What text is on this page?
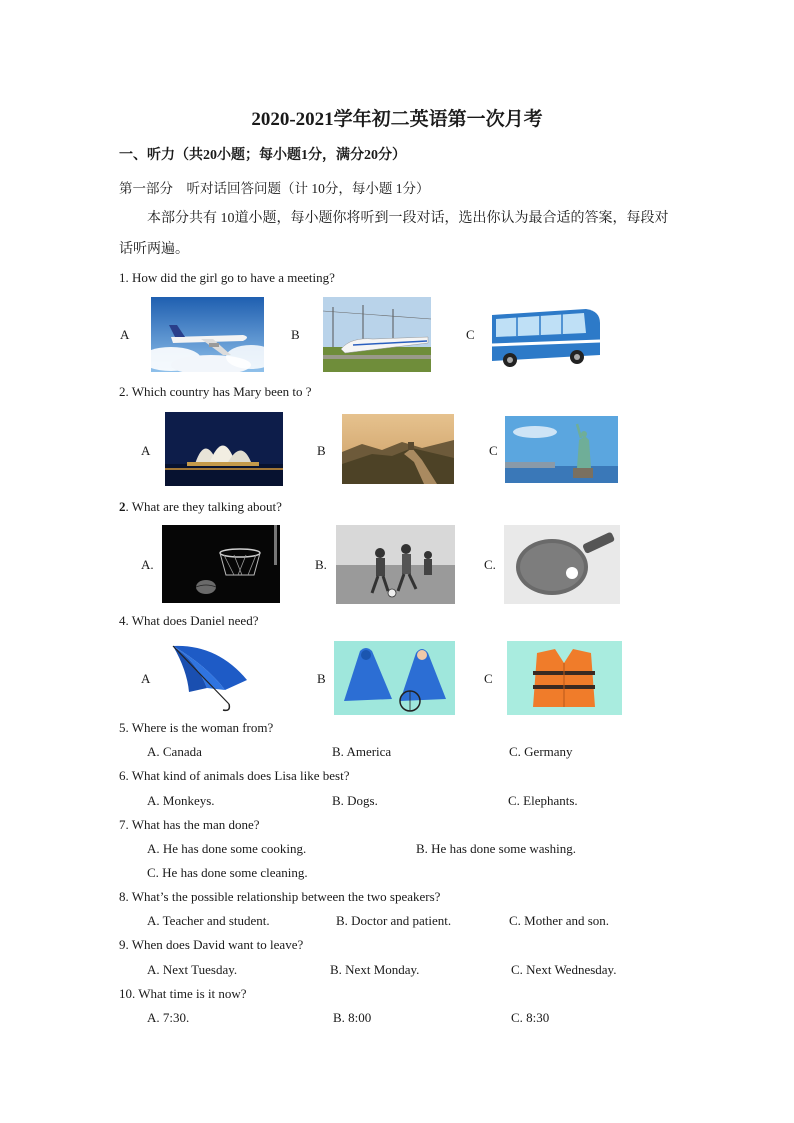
2020-2021学年初二英语第一次月考
一、听力（共20小题；每小题1分，满分20分）
第一部分　听对话回答问题（计 10分，每小题 1分）
本部分共有 10道小题，每小题你将听到一段对话，选出你认为最合适的答案，每段对
话听两遍。
1. How did the girl go to have a meeting?
A	B	C
2. Which country has Mary been to ?
A	B	C
2. What are they talking about?
A.	B.	C.
4. What does Daniel need?
A	B	C
5. Where is the woman from?
A. Canada	B. America	C. Germany
6. What kind of animals does Lisa like best?
A. Monkeys.	B. Dogs.	C. Elephants.
7. What has the man done?
A. He has done some cooking.	B. He has done some washing.
C. He has done some cleaning.
8. What’s the possible relationship between the two speakers?
A. Teacher and student.	B. Doctor and patient.	C. Mother and son.
9. When does David want to leave?
A. Next Tuesday.	B. Next Monday.	C. Next Wednesday.
10. What time is it now?
A. 7:30.	B. 8:00	C. 8:30
